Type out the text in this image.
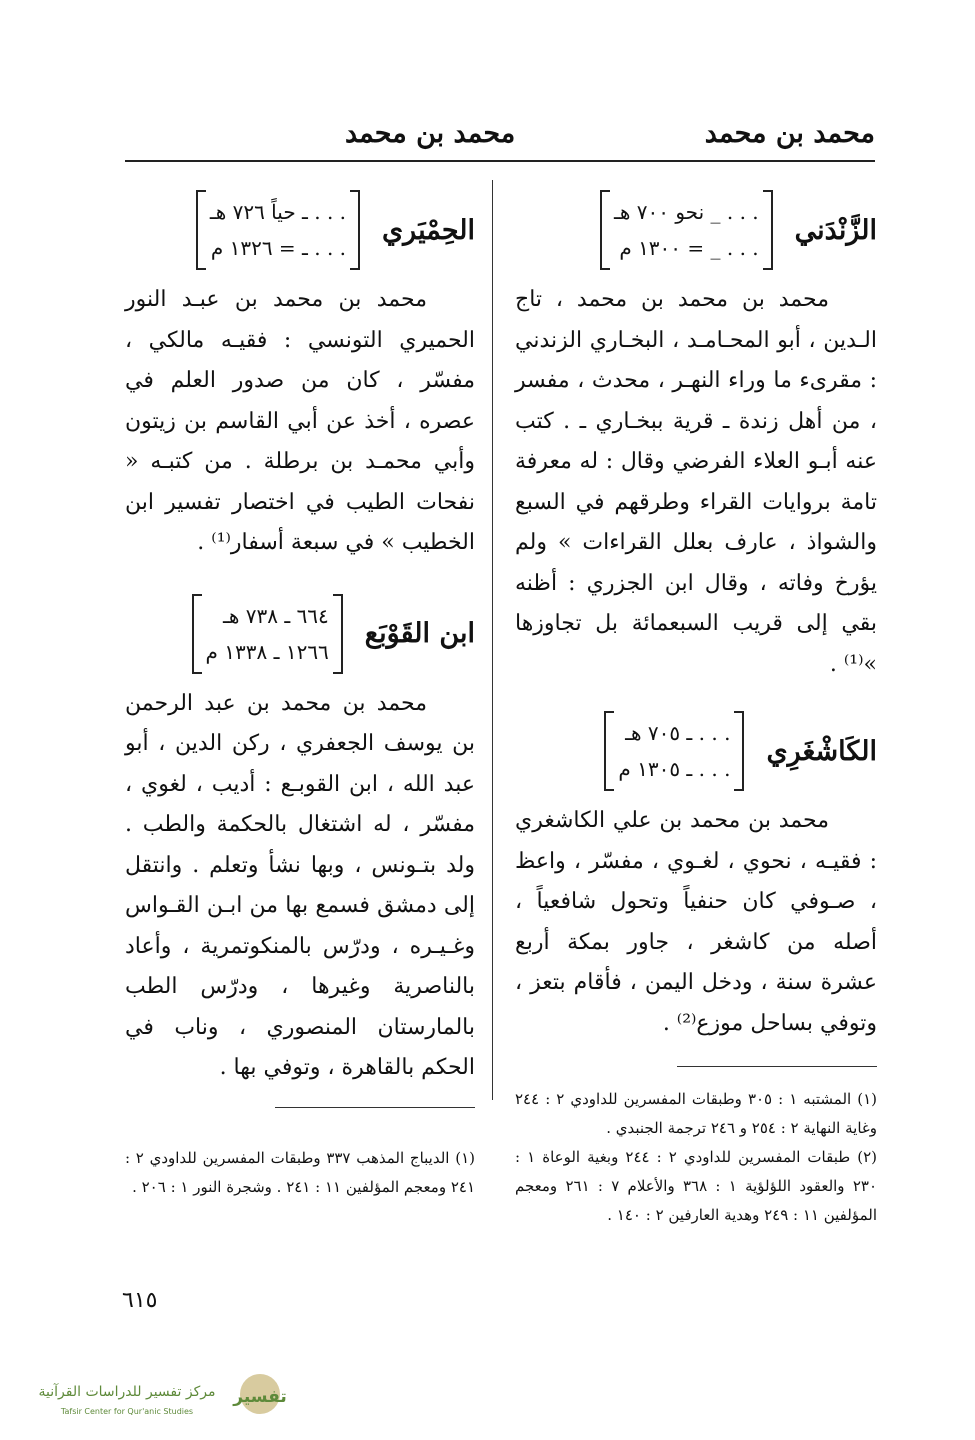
محمد بن محمد
محمد بن محمد
الزَّنْدَني
. . . _ نحو ٧٠٠ هـ
. . . _ = ١٣٠٠ م

محمد بن محمد بن محمد ، تاج الـدين ، أبو المحـامـد ، البخـاري الزندني : مقرىء ما وراء النهـر ، محدث ، مفسر ، من أهل زندة ـ قرية ببخـاري ـ . كتب عنه أبـو العلاء الفرضي وقال : له معرفة تامة بروايات القراء وطرقهم في السبع والشواذ ، عارف بعلل القراءات » ولم يؤرخ وفاته ، وقال ابن الجزري : أظنه بقي إلى قريب السبعمائة بل تجاوزها »⁽¹⁾ .

الكَاشْغَرِي
. . . ـ ٧٠٥ هـ
. . . ـ ١٣٠٥ م

محمد بن محمد بن علي الكاشغري : فقيـه ، نحوي ، لغـوي ، مفسّر ، واعظ ، صـوفي كان حنفياً وتحول شافعياً ، أصله من كاشغر ، جاور بمكة أربع عشرة سنة ، ودخل اليمن ، فأقام بتعز ، وتوفي بساحل موزع⁽²⁾ .

(١) المشتبه ١ : ٣٠٥ وطبقات المفسرين للداودي ٢ : ٢٤٤ وغاية النهاية ٢ : ٢٥٤ و ٢٤٦ ترجمة الجنبدي .

(٢) طبقات المفسرين للداودي ٢ : ٢٤٤ وبغية الوعاة ١ : ٢٣٠ والعقود اللؤلؤية ١ : ٣٦٨ والأعلام ٧ : ٢٦١ ومعجم المؤلفين ١١ : ٢٤٩ وهدية العارفين ٢ : ١٤٠ .

الحِمْيَري
. . . ـ حياً ٧٢٦ هـ
. . . ـ = ١٣٢٦ م

محمد بن محمد بن عبـد النور الحميري التونسي : فقيـه مالكي ، مفسّر ، كان من صدور العلم في عصره ، أخذ عن أبي القاسم بن زيتون وأبي محمـد بن برطلة . من كتبـه « نفحات الطيب في اختصار تفسير ابن الخطيب » في سبعة أسفار⁽¹⁾ .

ابن القَوْبَع
٦٦٤ ـ ٧٣٨ هـ
١٢٦٦ ـ ١٣٣٨ م

محمد بن محمد بن عبد الرحمن بن يوسف الجعفري ، ركن الدين ، أبو عبد الله ، ابن القوبـع : أديب ، لغوي ، مفسّر ، له اشتغال بالحكمة والطب . ولد بتـونس ، وبها نشأ وتعلم . وانتقل إلى دمشق فسمع بها من ابـن القـواس وغـيـره ، ودرّس بالمنكوتمرية ، وأعاد بالناصرية وغيرها ، ودرّس الطب بالمارستان المنصوري ، وناب في الحكم بالقاهرة ، وتوفي بها .

(١) الديباج المذهب ٣٣٧ وطبقات المفسرين للداودي ٢ : ٢٤١ ومعجم المؤلفين ١١ : ٢٤١ . وشجرة النور ١ : ٢٠٦ .

٦١٥
تفسير
مركز تفسير للدراسات القرآنية
Tafsir Center for Qur'anic Studies
